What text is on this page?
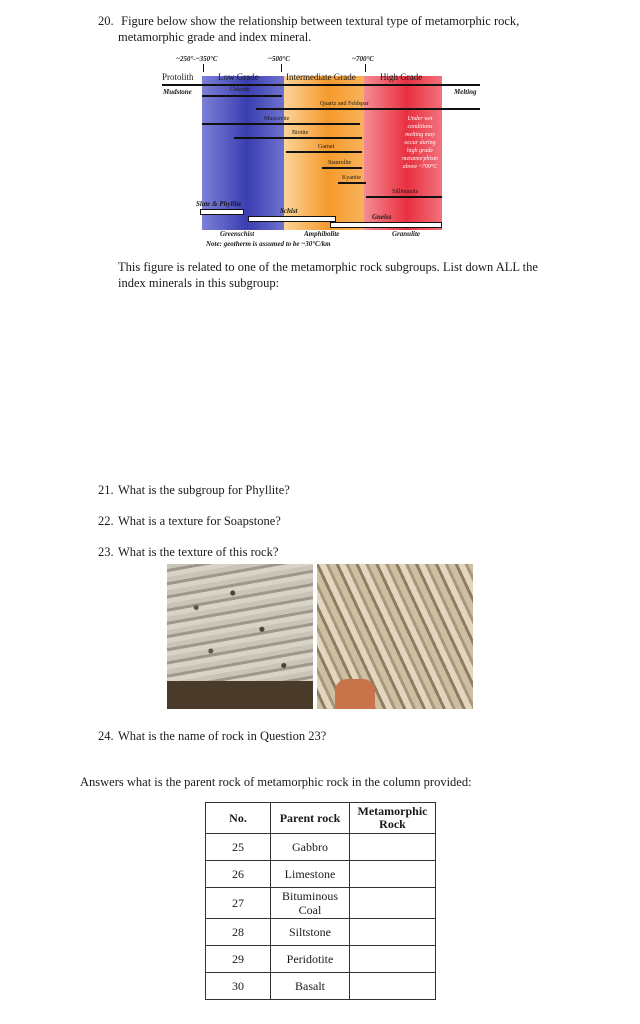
20. Figure below show the relationship between textural type of metamorphic rock,
metamorphic grade and index mineral.
~250°-~350°C	~500°C	~700°C
Protolith	Low Grade	Intermediate Grade	High Grade
Mudstone	Melting
Chlorite
Quartz and Feldspar
Muscovite
Biotite
Garnet
Staurolite
Kyanite
Sillimanite
Under wet
conditions
melting may
occur during
high grade
metamorphism
above ~700°C
Slate & Phyllite
Schist
Gneiss
Greenschist	Amphibolite	Granulite
Note: geotherm is assumed to be ~30°C/km
This figure is related to one of the metamorphic rock subgroups. List down ALL the
index minerals in this subgroup:
21. What is the subgroup for Phyllite?
22. What is a texture for Soapstone?
23. What is the texture of this rock?
24. What is the name of rock in Question 23?
Answers what is the parent rock of metamorphic rock in the column provided:
No.	Parent rock	Metamorphic Rock
25	Gabbro	
26	Limestone	
27	Bituminous Coal	
28	Siltstone	
29	Peridotite	
30	Basalt	
